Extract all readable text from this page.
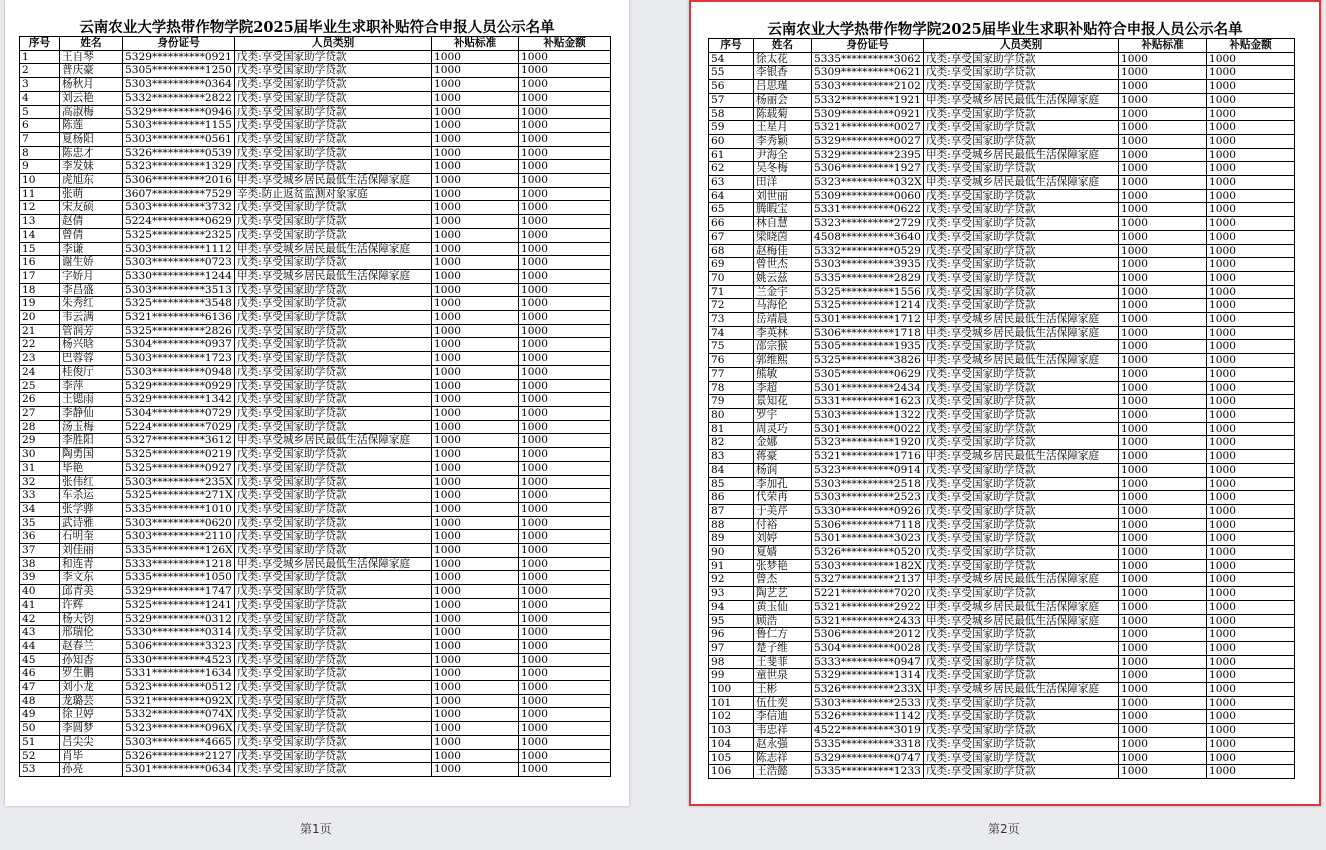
云南农业大学热带作物学院2025届毕业生求职补贴符合申报人员公示名单
序号	姓名	身份证号	人员类别	补贴标准	补贴金额
1	王自琴	5329**********0921	戊类:享受国家助学贷款	1000	1000
2	普庆豪	5305**********1250	戊类:享受国家助学贷款	1000	1000
3	杨秋月	5303**********0364	戊类:享受国家助学贷款	1000	1000
4	刘云艳	5332**********2822	戊类:享受国家助学贷款	1000	1000
5	高淑梅	5329**********0946	戊类:享受国家助学贷款	1000	1000
6	陈莲	5303**********1155	戊类:享受国家助学贷款	1000	1000
7	夏杨阳	5303**********0561	戊类:享受国家助学贷款	1000	1000
8	陈忠才	5326**********0539	戊类:享受国家助学贷款	1000	1000
9	李发妹	5323**********1329	戊类:享受国家助学贷款	1000	1000
10	虎旭东	5306**********2016	甲类:享受城乡居民最低生活保障家庭	1000	1000
11	张萌	3607**********7529	辛类:防止返贫监测对象家庭	1000	1000
12	宋友硕	5303**********3732	戊类:享受国家助学贷款	1000	1000
13	赵倩	5224**********0629	戊类:享受国家助学贷款	1000	1000
14	曾倩	5325**********2325	戊类:享受国家助学贷款	1000	1000
15	李谦	5303**********1112	甲类:享受城乡居民最低生活保障家庭	1000	1000
16	谢生娇	5303**********0723	戊类:享受国家助学贷款	1000	1000
17	字娇月	5330**********1244	甲类:享受城乡居民最低生活保障家庭	1000	1000
18	李昌盛	5303**********3513	戊类:享受国家助学贷款	1000	1000
19	朱秀红	5325**********3548	戊类:享受国家助学贷款	1000	1000
20	韦云满	5321**********6136	戊类:享受国家助学贷款	1000	1000
21	管润芳	5325**********2826	戊类:享受国家助学贷款	1000	1000
22	杨兴晗	5304**********0937	戊类:享受国家助学贷款	1000	1000
23	巴蓉蓉	5303**********1723	戊类:享受国家助学贷款	1000	1000
24	桂俊厅	5303**********0948	戊类:享受国家助学贷款	1000	1000
25	李萍	5329**********0929	戊类:享受国家助学贷款	1000	1000
26	王锶雨	5329**********1342	戊类:享受国家助学贷款	1000	1000
27	李静仙	5304**********0729	戊类:享受国家助学贷款	1000	1000
28	汤玉梅	5224**********7029	戊类:享受国家助学贷款	1000	1000
29	李胜阳	5327**********3612	甲类:享受城乡居民最低生活保障家庭	1000	1000
30	陶勇国	5325**********0219	戊类:享受国家助学贷款	1000	1000
31	毕艳	5325**********0927	戊类:享受国家助学贷款	1000	1000
32	张伟红	5303**********235X	戊类:享受国家助学贷款	1000	1000
33	车杀运	5325**********271X	戊类:享受国家助学贷款	1000	1000
34	张学骅	5335**********1010	戊类:享受国家助学贷款	1000	1000
35	武诗雅	5303**********0620	戊类:享受国家助学贷款	1000	1000
36	石明奎	5303**********2110	戊类:享受国家助学贷款	1000	1000
37	刘佳丽	5335**********126X	戊类:享受国家助学贷款	1000	1000
38	和连青	5333**********1218	甲类:享受城乡居民最低生活保障家庭	1000	1000
39	李文东	5335**********1050	戊类:享受国家助学贷款	1000	1000
40	邱青美	5329**********1747	戊类:享受国家助学贷款	1000	1000
41	许辉	5325**********1241	戊类:享受国家助学贷款	1000	1000
42	杨天钧	5329**********0312	戊类:享受国家助学贷款	1000	1000
43	邢瑞伦	5330**********0314	戊类:享受国家助学贷款	1000	1000
44	赵春兰	5306**********3323	戊类:享受国家助学贷款	1000	1000
45	孙知杏	5330**********4523	戊类:享受国家助学贷款	1000	1000
46	罗生鹏	5331**********1634	戊类:享受国家助学贷款	1000	1000
47	刘小龙	5323**********0512	戊类:享受国家助学贷款	1000	1000
48	龙璐芸	5321**********092X	戊类:享受国家助学贷款	1000	1000
49	徐卫婷	5332**********074X	戊类:享受国家助学贷款	1000	1000
50	李圆梦	5323**********096X	戊类:享受国家助学贷款	1000	1000
51	吕尖尖	5303**********4665	戊类:享受国家助学贷款	1000	1000
52	肖毕	5326**********2127	戊类:享受国家助学贷款	1000	1000
53	孙亮	5301**********0634	戊类:享受国家助学贷款	1000	1000
云南农业大学热带作物学院2025届毕业生求职补贴符合申报人员公示名单
序号	姓名	身份证号	人员类别	补贴标准	补贴金额
54	徐太花	5335**********3062	戊类:享受国家助学贷款	1000	1000
55	李银香	5309**********0621	戊类:享受国家助学贷款	1000	1000
56	吕思瑾	5303**********2102	戊类:享受国家助学贷款	1000	1000
57	杨丽会	5332**********1921	甲类:享受城乡居民最低生活保障家庭	1000	1000
58	陈载菊	5309**********0921	戊类:享受国家助学贷款	1000	1000
59	王星月	5321**********0027	戊类:享受国家助学贷款	1000	1000
60	李秀颖	5329**********0027	戊类:享受国家助学贷款	1000	1000
61	尹海全	5329**********2395	甲类:享受城乡居民最低生活保障家庭	1000	1000
62	吴冬梅	5306**********1927	戊类:享受国家助学贷款	1000	1000
63	田洋	5323**********032X	甲类:享受城乡居民最低生活保障家庭	1000	1000
64	刘世丽	5309**********0060	戊类:享受国家助学贷款	1000	1000
65	腾暇宝	5331**********0622	戊类:享受国家助学贷款	1000	1000
66	林自慧	5323**********2729	戊类:享受国家助学贷款	1000	1000
67	梁晓茵	4508**********3640	戊类:享受国家助学贷款	1000	1000
68	赵梅佳	5332**********0529	戊类:享受国家助学贷款	1000	1000
69	曾世杰	5303**********3935	戊类:享受国家助学贷款	1000	1000
70	姚云兹	5335**********2829	戊类:享受国家助学贷款	1000	1000
71	兰金宇	5325**********1556	戊类:享受国家助学贷款	1000	1000
72	马海伦	5325**********1214	戊类:享受国家助学贷款	1000	1000
73	岳靖晨	5301**********1712	甲类:享受城乡居民最低生活保障家庭	1000	1000
74	李英林	5306**********1718	甲类:享受城乡居民最低生活保障家庭	1000	1000
75	邵宗猴	5305**********1935	戊类:享受国家助学贷款	1000	1000
76	郭维熙	5325**********3826	甲类:享受城乡居民最低生活保障家庭	1000	1000
77	熊敏	5305**********0629	戊类:享受国家助学贷款	1000	1000
78	李超	5301**********2434	戊类:享受国家助学贷款	1000	1000
79	景知花	5331**********1623	戊类:享受国家助学贷款	1000	1000
80	罗宇	5303**********1322	戊类:享受国家助学贷款	1000	1000
81	周灵巧	5301**********0022	戊类:享受国家助学贷款	1000	1000
82	金娜	5323**********1920	戊类:享受国家助学贷款	1000	1000
83	蒋豪	5321**********1716	甲类:享受城乡居民最低生活保障家庭	1000	1000
84	杨润	5323**********0914	戊类:享受国家助学贷款	1000	1000
85	李加孔	5303**********2518	戊类:享受国家助学贷款	1000	1000
86	代荣再	5303**********2523	戊类:享受国家助学贷款	1000	1000
87	于美芹	5330**********0926	戊类:享受国家助学贷款	1000	1000
88	付裕	5306**********7118	戊类:享受国家助学贷款	1000	1000
89	刘婷	5301**********3023	戊类:享受国家助学贷款	1000	1000
90	夏嫱	5326**********0520	戊类:享受国家助学贷款	1000	1000
91	张梦艳	5303**********182X	戊类:享受国家助学贷款	1000	1000
92	曾杰	5327**********2137	甲类:享受城乡居民最低生活保障家庭	1000	1000
93	陶艺艺	5221**********7020	戊类:享受国家助学贷款	1000	1000
94	黄玉仙	5321**********2922	甲类:享受城乡居民最低生活保障家庭	1000	1000
95	顾浩	5321**********2433	甲类:享受城乡居民最低生活保障家庭	1000	1000
96	鲁仁方	5306**********2012	戊类:享受国家助学贷款	1000	1000
97	楚子维	5304**********0028	戊类:享受国家助学贷款	1000	1000
98	王斐菲	5333**********0947	戊类:享受国家助学贷款	1000	1000
99	童世泉	5329**********1314	戊类:享受国家助学贷款	1000	1000
100	王彬	5326**********233X	甲类:享受城乡居民最低生活保障家庭	1000	1000
101	伍仕奕	5303**********2533	戊类:享受国家助学贷款	1000	1000
102	李信迪	5326**********1142	戊类:享受国家助学贷款	1000	1000
103	韦忠祥	4522**********3019	戊类:享受国家助学贷款	1000	1000
104	赵永强	5335**********3318	戊类:享受国家助学贷款	1000	1000
105	陈志祥	5329**********0747	戊类:享受国家助学贷款	1000	1000
106	王浩懿	5335**********1233	戊类:享受国家助学贷款	1000	1000
第1页	第2页
